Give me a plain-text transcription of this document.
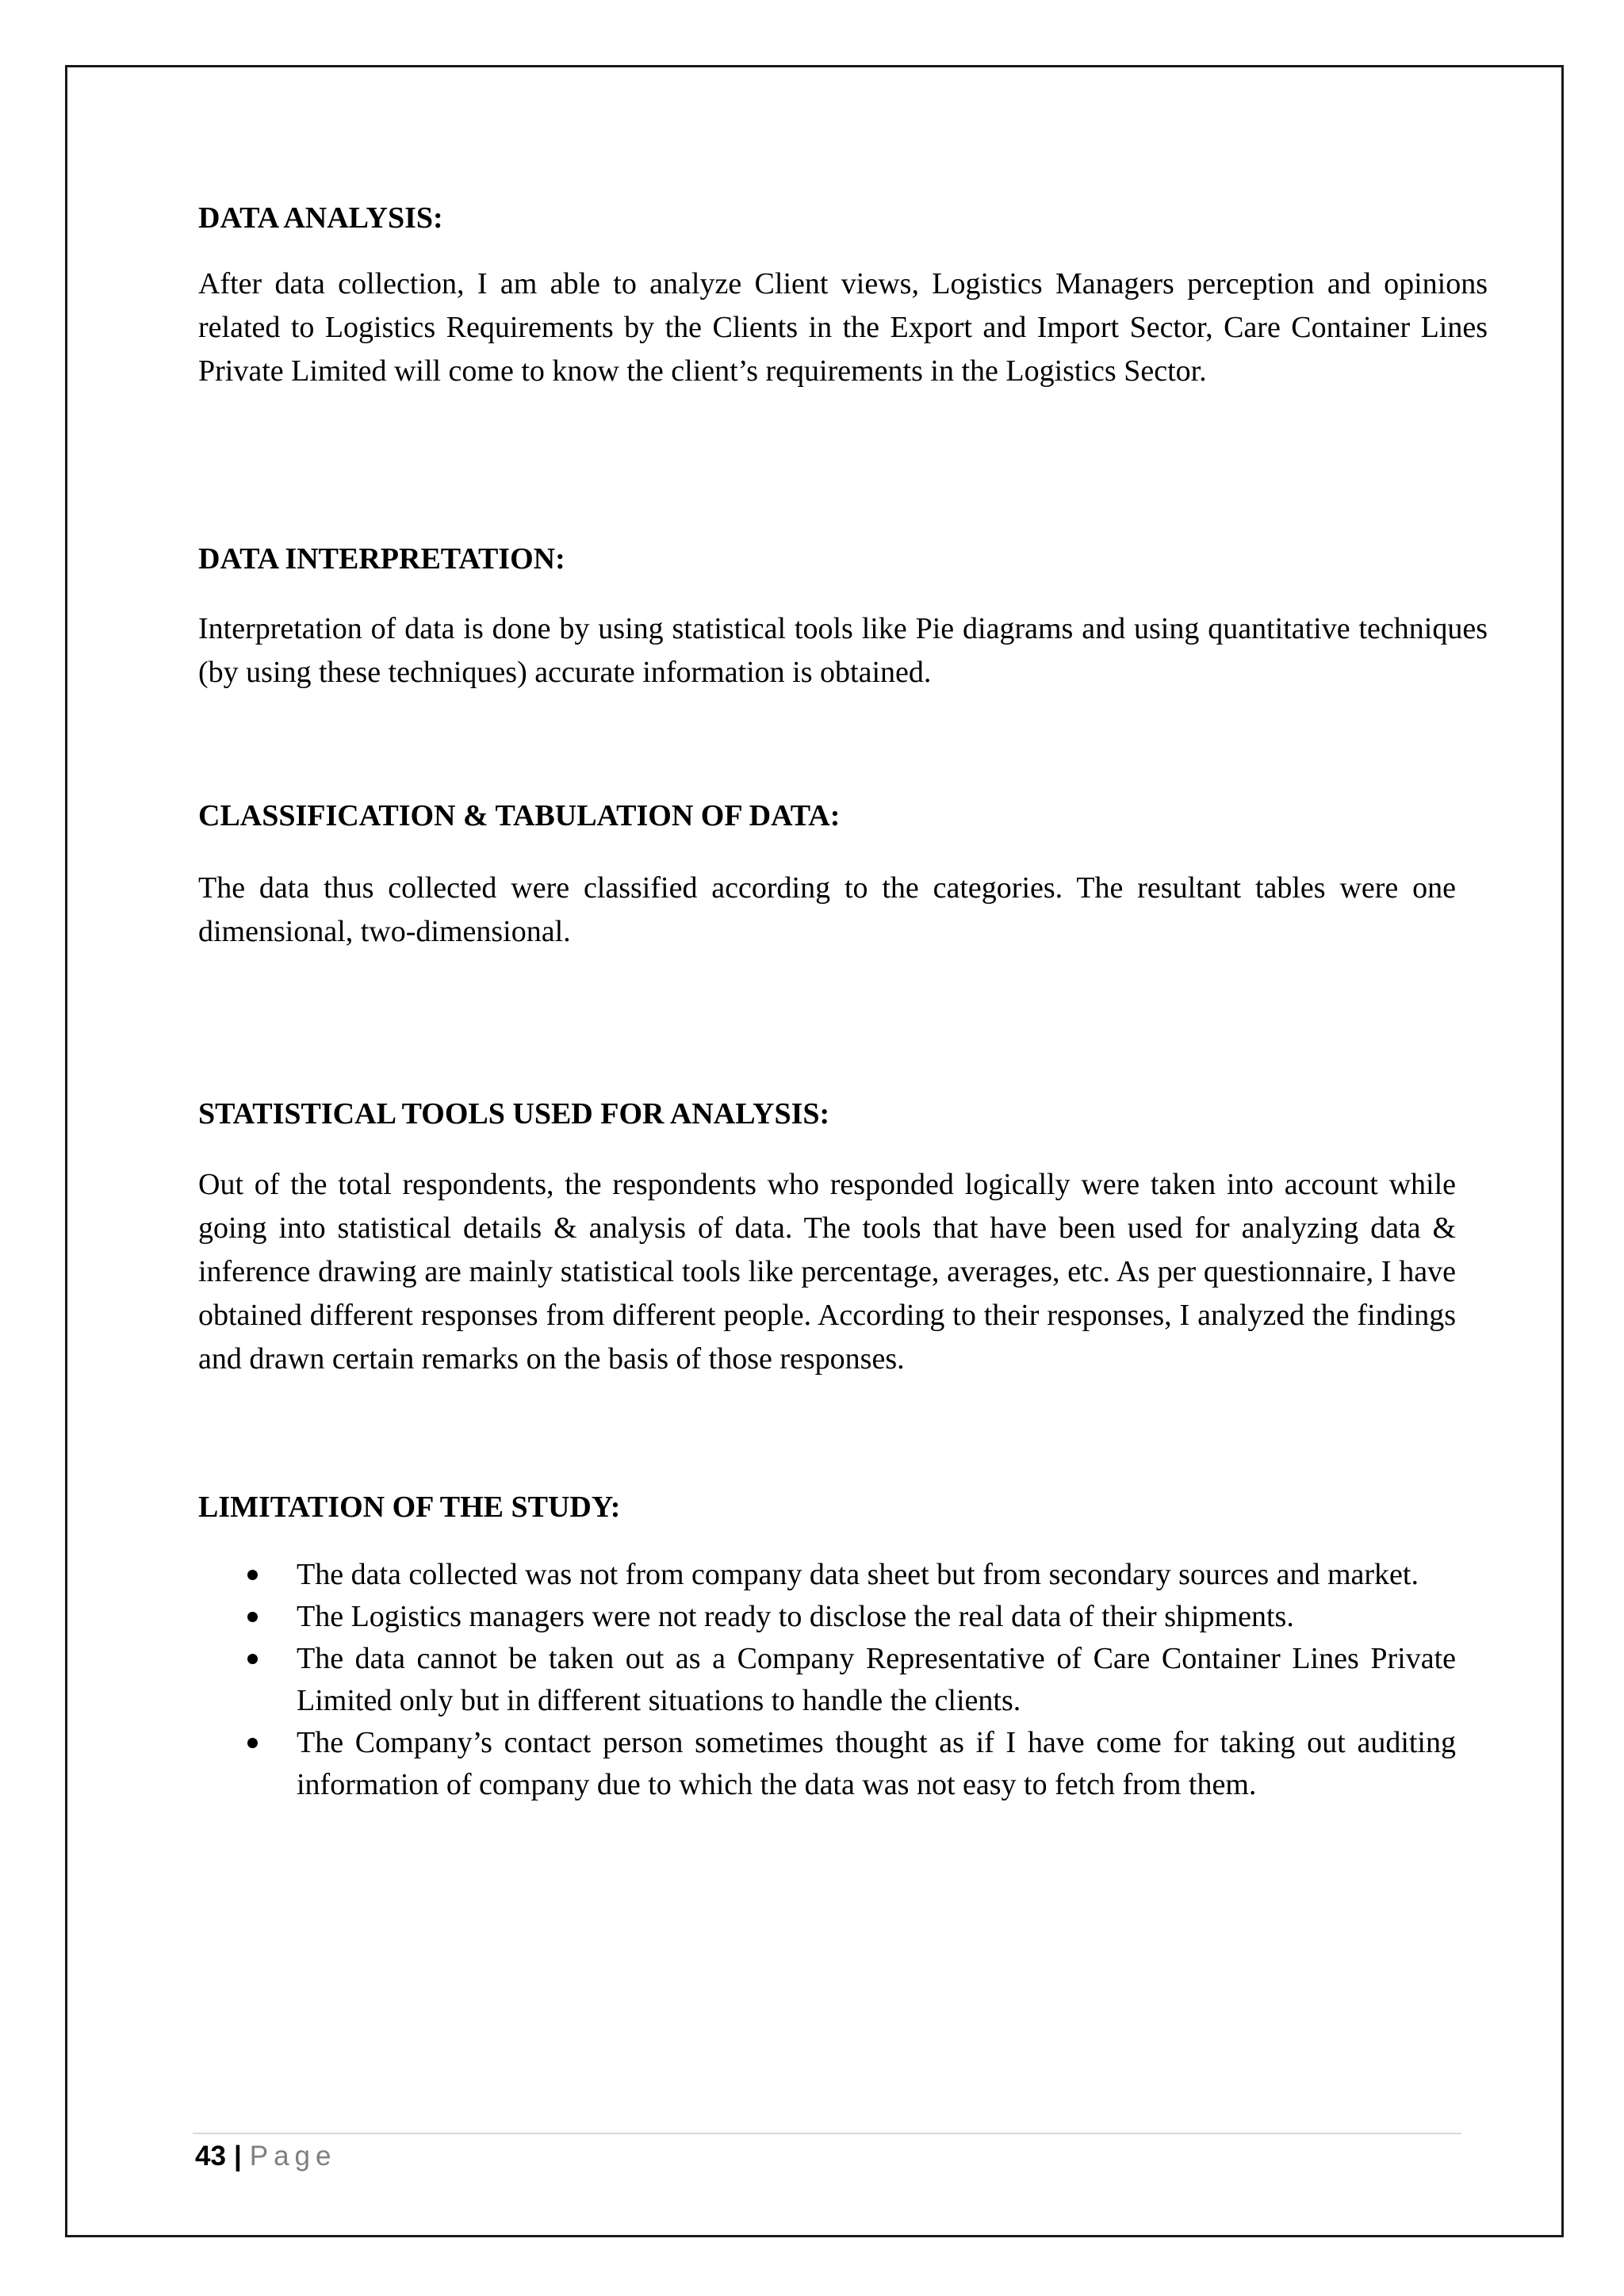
DATA ANALYSIS:

After data collection, I am able to analyze Client views, Logistics Managers perception and opinions related to Logistics Requirements by the Clients in the Export and Import Sector, Care Container Lines Private Limited will come to know the client’s requirements in the Logistics Sector.

DATA INTERPRETATION:

Interpretation of data is done by using statistical tools like Pie diagrams and using quantitative techniques (by using these techniques) accurate information is obtained.

CLASSIFICATION & TABULATION OF DATA:

The data thus collected were classified according to the categories. The resultant tables were one dimensional, two-dimensional.

STATISTICAL TOOLS USED FOR ANALYSIS:

Out of the total respondents, the respondents who responded logically were taken into account while going into statistical details & analysis of data. The tools that have been used for analyzing data & inference drawing are mainly statistical tools like percentage, averages, etc. As per questionnaire, I have obtained different responses from different people. According to their responses, I analyzed the findings and drawn certain remarks on the basis of those responses.

LIMITATION OF THE STUDY:
The data collected was not from company data sheet but from secondary sources and market.
The Logistics managers were not ready to disclose the real data of their shipments.
The data cannot be taken out as a Company Representative of Care Container Lines Private Limited only but in different situations to handle the clients.
The Company’s contact person sometimes thought as if I have come for taking out auditing information of company due to which the data was not easy to fetch from them.
43 | Page
